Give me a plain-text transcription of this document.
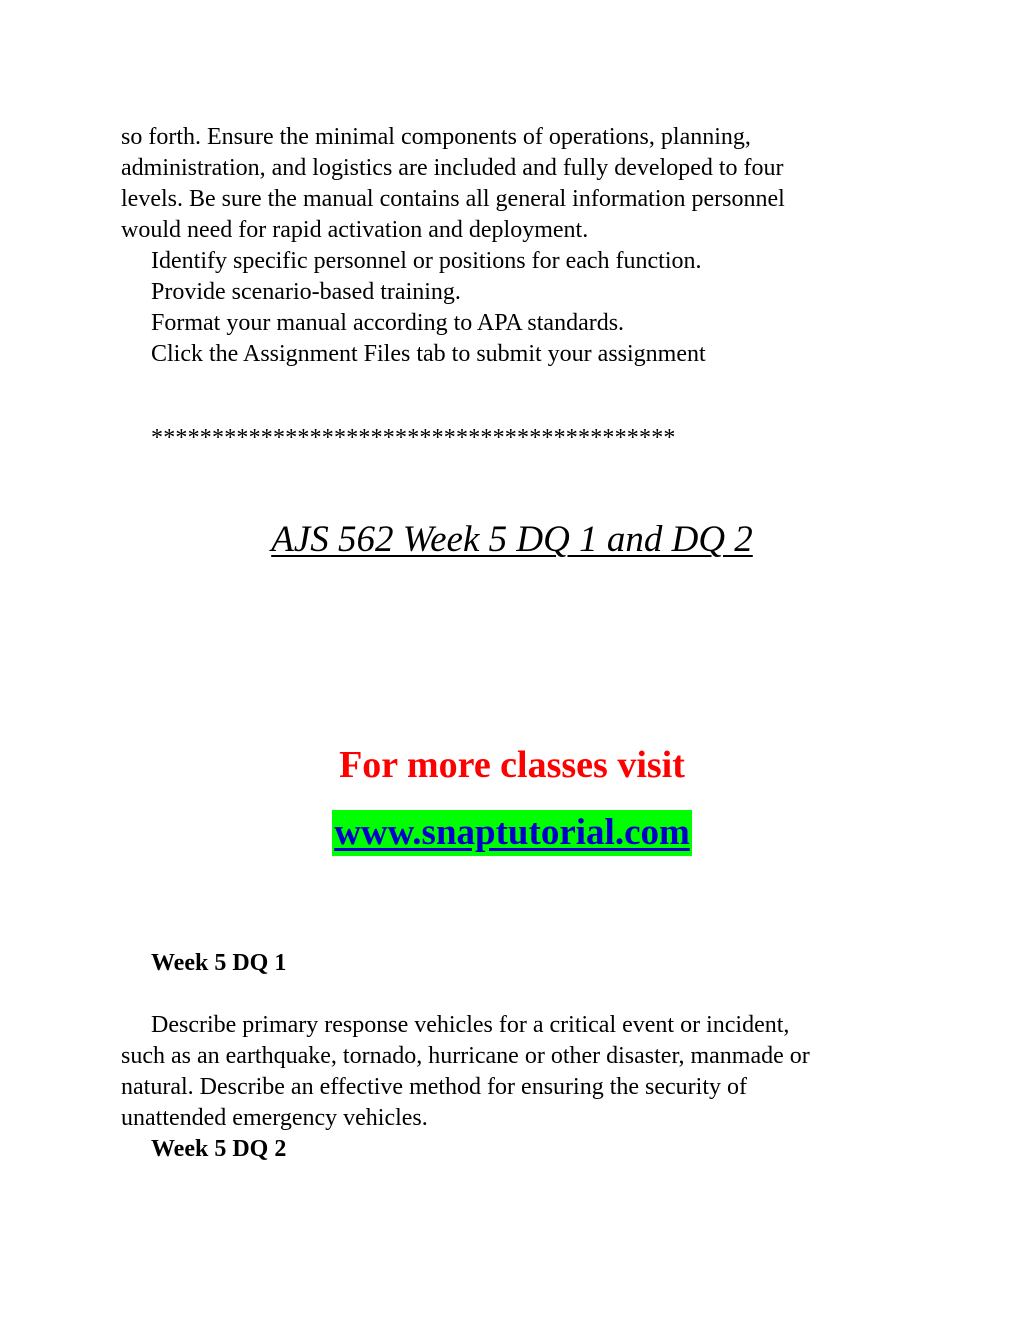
so forth. Ensure the minimal components of operations, planning,
administration, and logistics are included and fully developed to four
levels. Be sure the manual contains all general information personnel
would need for rapid activation and deployment.
Identify specific personnel or positions for each function.
Provide scenario-based training.
Format your manual according to APA standards.
Click the Assignment Files tab to submit your assignment
*******************************************
AJS 562 Week 5 DQ 1 and DQ 2
For more classes visit
www.snaptutorial.com
Week 5 DQ 1
Describe primary response vehicles for a critical event or incident,
such as an earthquake, tornado, hurricane or other disaster, manmade or
natural. Describe an effective method for ensuring the security of
unattended emergency vehicles.
Week 5 DQ 2
